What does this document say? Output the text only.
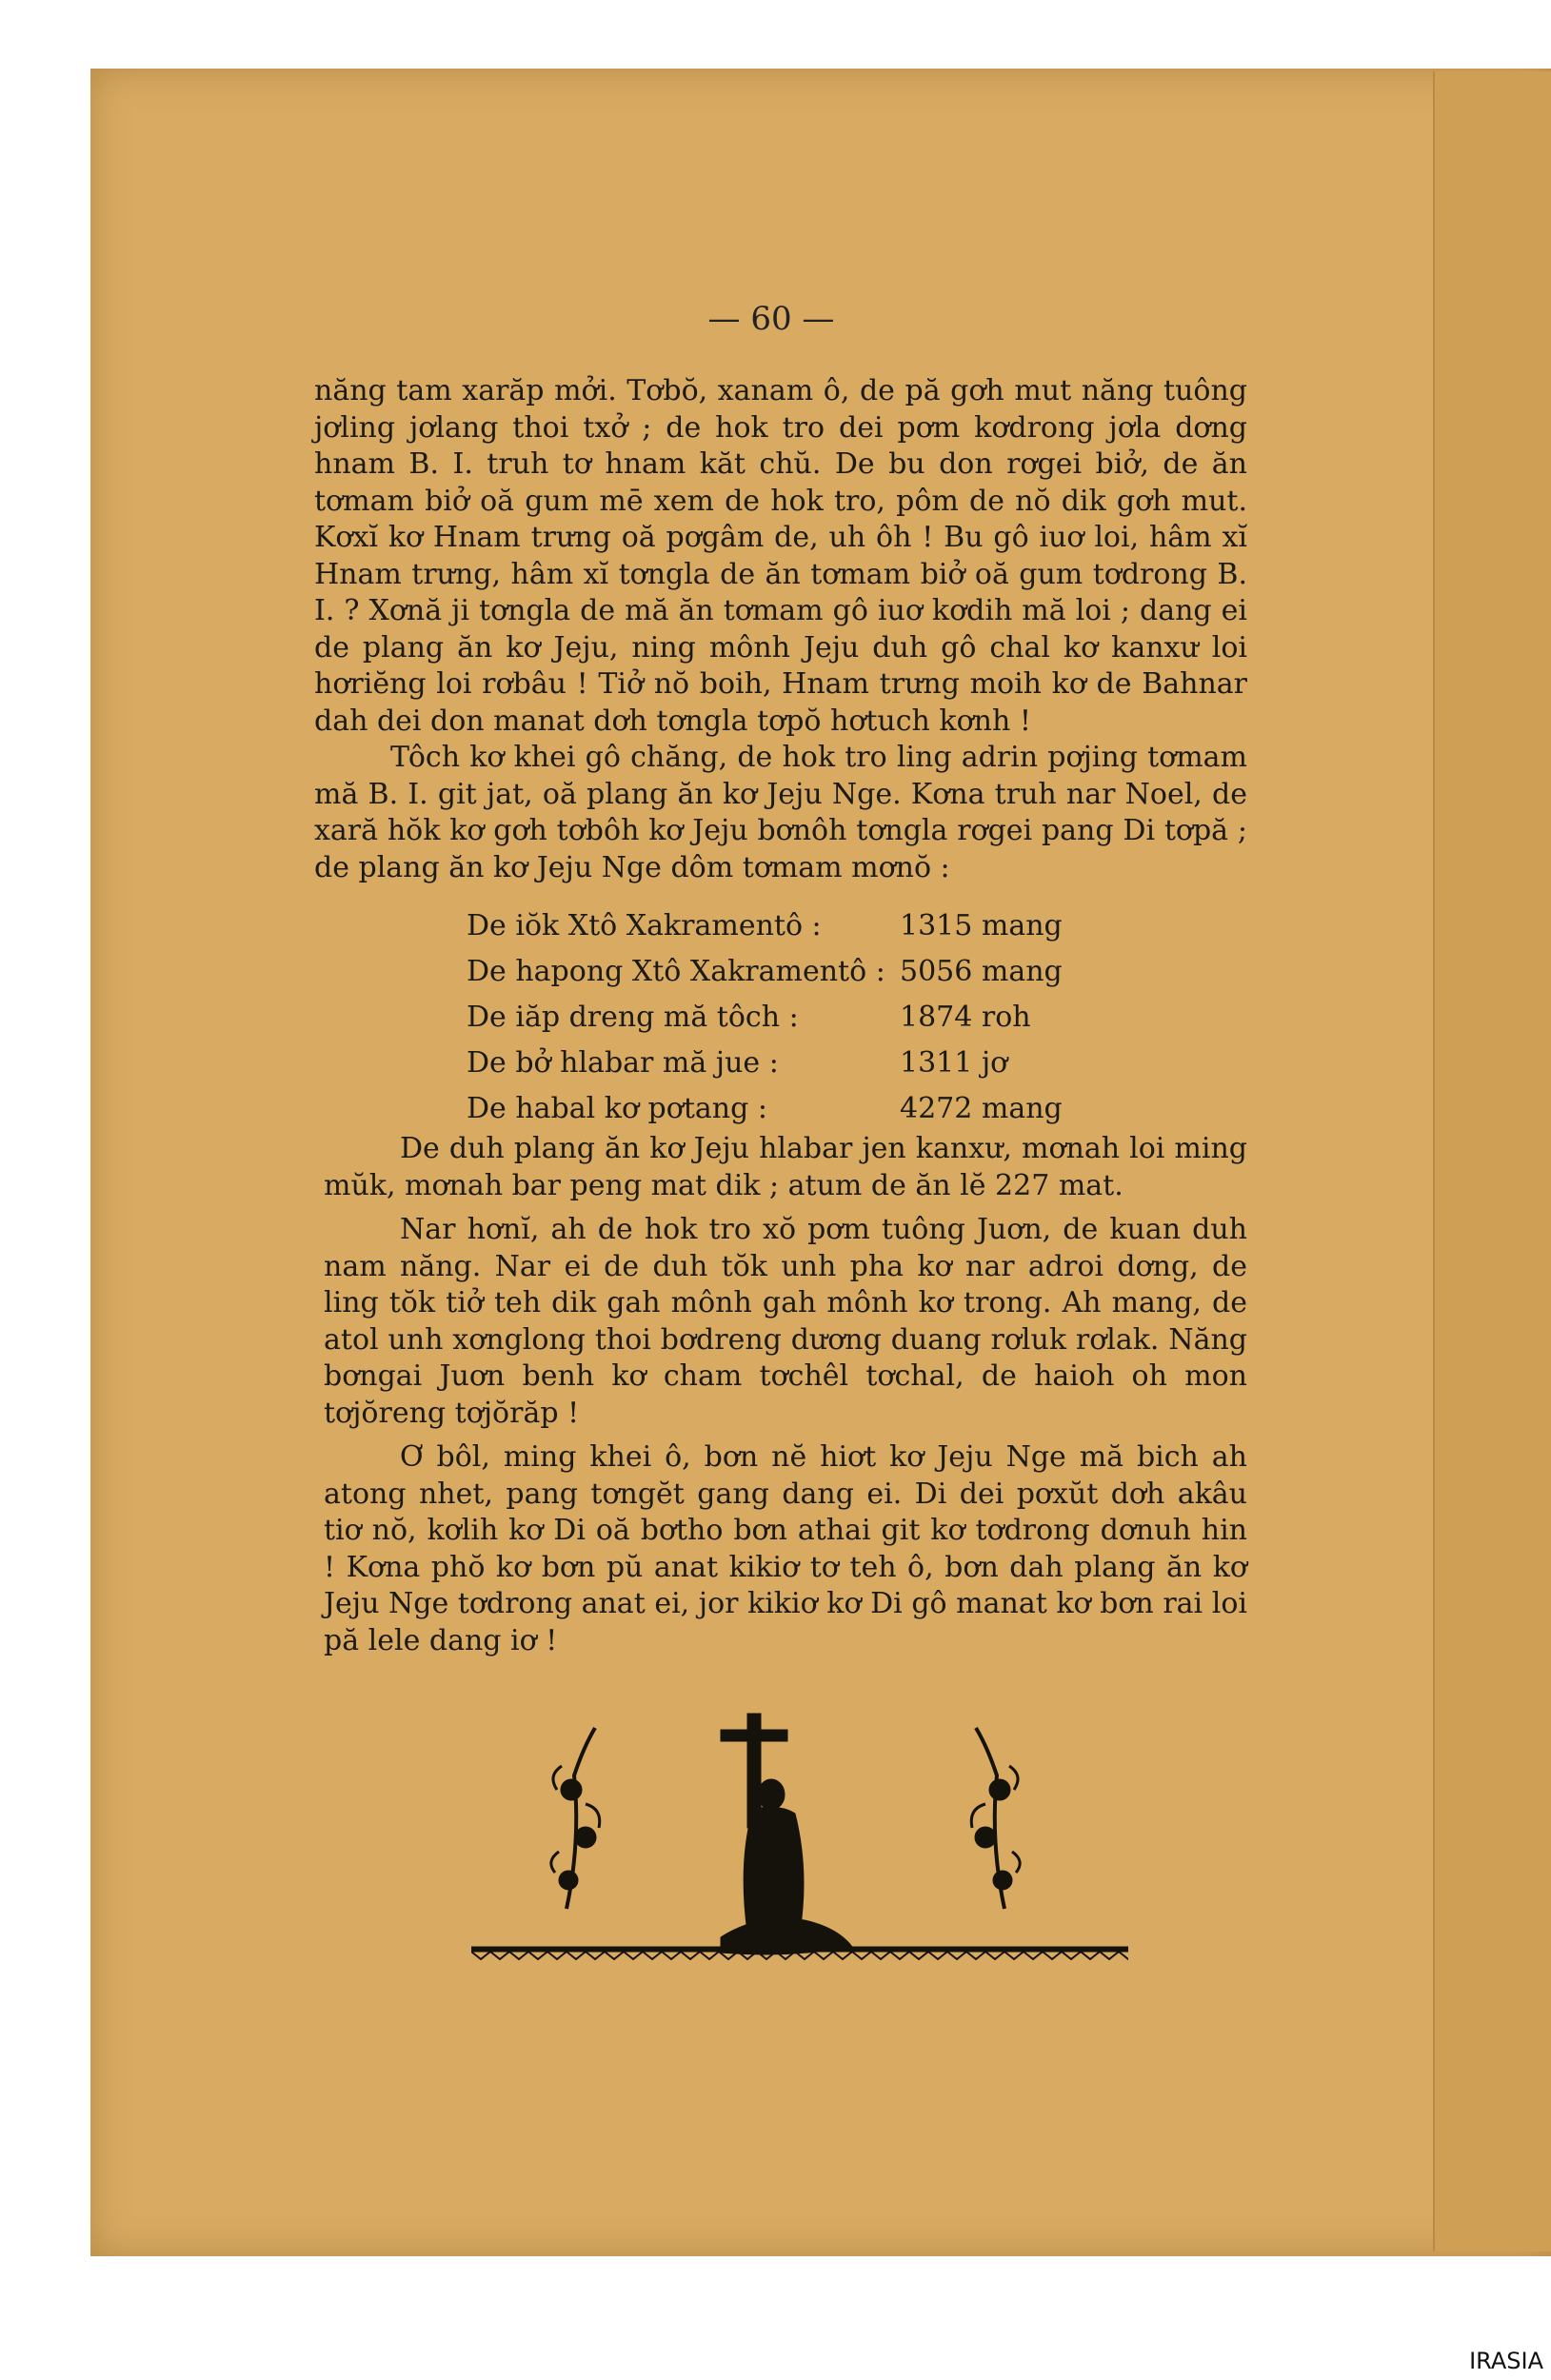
— 60 —

năng tam xarăp mởi. Tơbŏ, xanam ô, de pă gơh mut năng tuông jơling jơlang thoi txở ; de hok tro dei pơm kơdrong jơla dơng hnam B. I. truh tơ hnam kăt chŭ. De bu don rơgei biở, de ăn tơmam biở oă gum mē xem de hok tro, pôm de nŏ dik gơh mut. Kơxĭ kơ Hnam trưng oă pơgâm de, uh ôh ! Bu gô iuơ loi, hâm xĭ Hnam trưng, hâm xĭ tơngla de ăn tơmam biở oă gum tơdrong B. I. ? Xơnă ji tơngla de mă ăn tơmam gô iuơ kơdih mă loi ; dang ei de plang ăn kơ Jeju, ning mônh Jeju duh gô chal kơ kanxư loi hơriĕng loi rơbâu ! Tiở nŏ boih, Hnam trưng moih kơ de Bahnar dah dei don manat dơh tơngla tơpŏ hơtuch kơnh !

Tôch kơ khei gô chăng, de hok tro ling adrin pơjing tơmam mă B. I. git jat, oă plang ăn kơ Jeju Nge. Kơna truh nar Noel, de xară hŏk kơ gơh tơbôh kơ Jeju bơnôh tơngla rơgei pang Di tơpă ; de plang ăn kơ Jeju Nge dôm tơmam mơnŏ :

De iŏk Xtô Xakramentô :	1315 mang
De hapong Xtô Xakramentô : 5056 mang
De iăp dreng mă tôch :	1874 roh
De bở hlabar mă jue :	1311 jơ
De habal kơ pơtang :	4272 mang

De duh plang ăn kơ Jeju hlabar jen kanxư, mơnah loi ming mŭk, mơnah bar peng mat dik ; atum de ăn lĕ 227 mat.

Nar hơnĭ, ah de hok tro xŏ pơm tuông Juơn, de kuan duh nam năng. Nar ei de duh tŏk unh pha kơ nar adroi dơng, de ling tŏk tiở teh dik gah mônh gah mônh kơ trong. Ah mang, de atol unh xơnglong thoi bơdreng dương duang rơluk rơlak. Năng bơngai Juơn benh kơ cham tơchêl tơchal, de haioh oh mon tơjŏreng tơjŏrăp !

Ơ bôl, ming khei ô, bơn nĕ hiơt kơ Jeju Nge mă bich ah atong nhet, pang tơngĕt gang dang ei. Di dei pơxŭt dơh akâu tiơ nŏ, kơlih kơ Di oă bơtho bơn athai git kơ tơdrong dơnuh hin ! Kơna phŏ kơ bơn pŭ anat kikiơ tơ teh ô, bơn dah plang ăn kơ Jeju Nge tơdrong anat ei, jor kikiơ kơ Di gô manat kơ bơn rai loi pă lele dang iơ !

IRASIA
